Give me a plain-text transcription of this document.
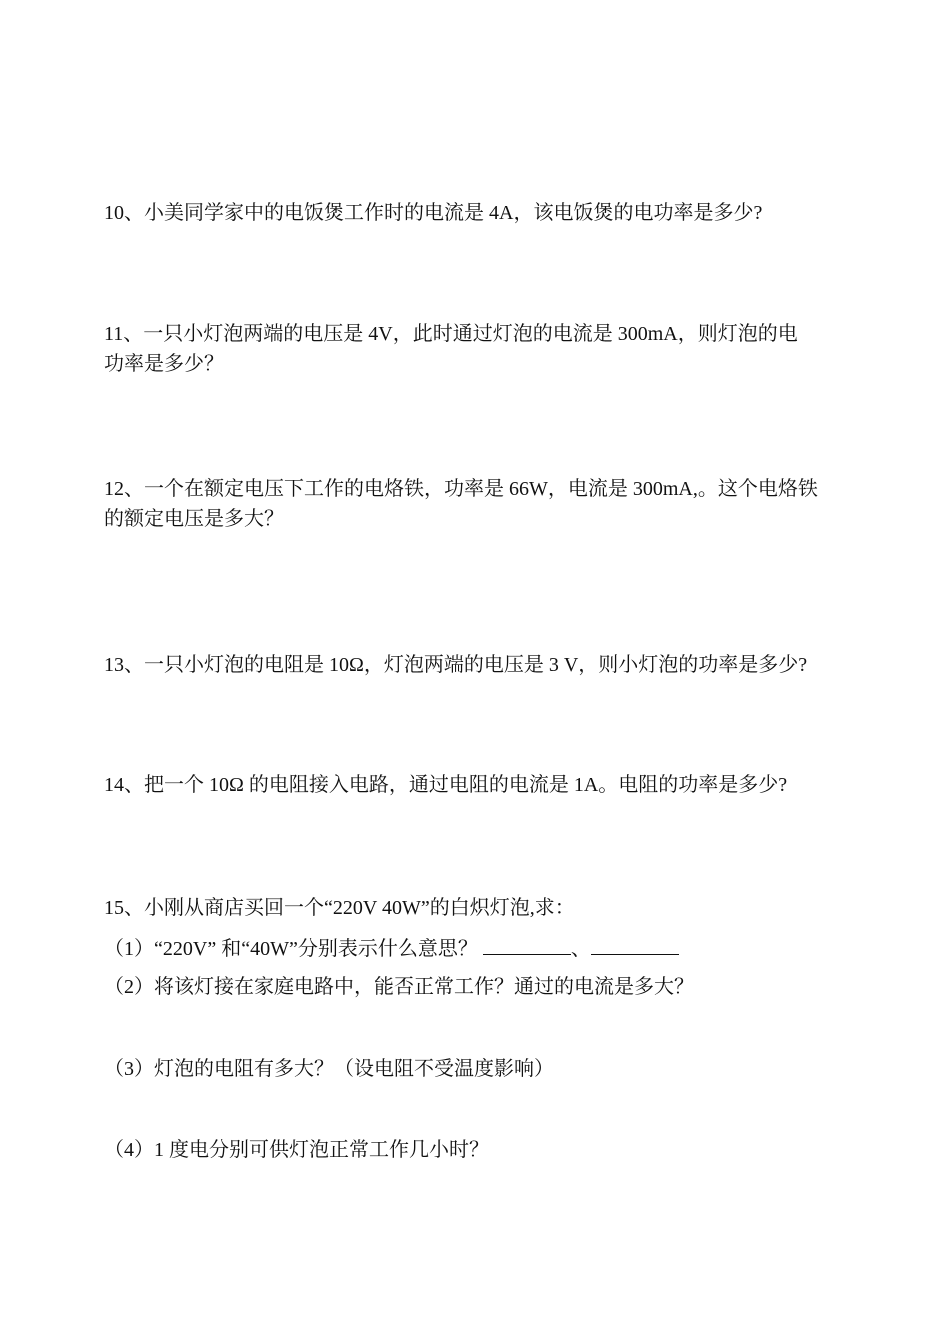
10、小美同学家中的电饭煲工作时的电流是 4A，该电饭煲的电功率是多少?
11、一只小灯泡两端的电压是 4V，此时通过灯泡的电流是 300mA，则灯泡的电
功率是多少？
12、一个在额定电压下工作的电烙铁，功率是 66W，电流是 300mA,。这个电烙铁
的额定电压是多大？
13、一只小灯泡的电阻是 10Ω，灯泡两端的电压是 3 V，则小灯泡的功率是多少?
14、把一个 10Ω 的电阻接入电路，通过电阻的电流是 1A。电阻的功率是多少?
15、小刚从商店买回一个“220V 40W”的白炽灯泡,求：
（1）“220V” 和“40W”分别表示什么意思？	、
（2）将该灯接在家庭电路中，能否正常工作？通过的电流是多大？
（3）灯泡的电阻有多大？（设电阻不受温度影响）
（4）1 度电分别可供灯泡正常工作几小时？
